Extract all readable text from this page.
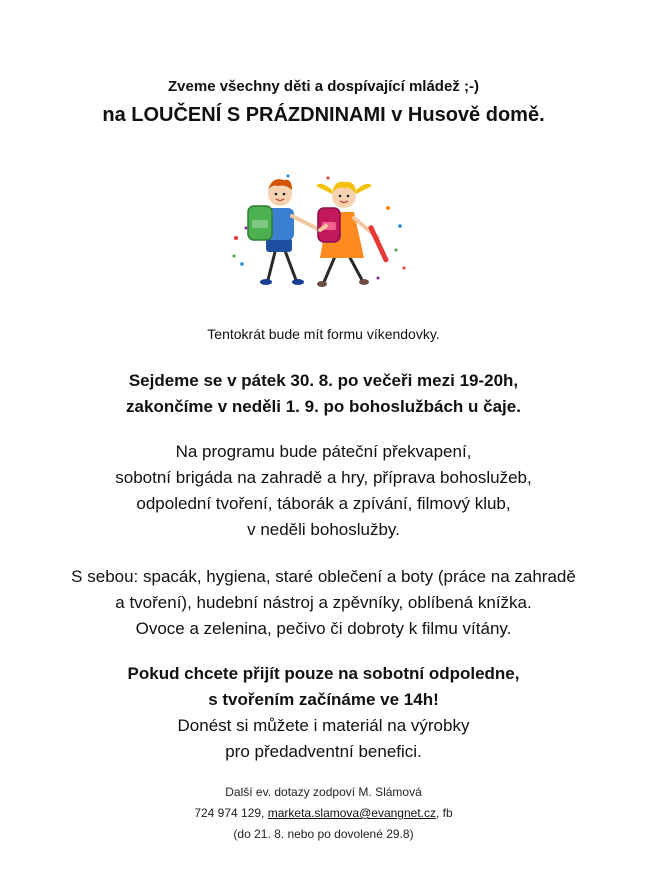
Zveme všechny děti a dospívající mládež ;-)
na LOUČENÍ S PRÁZDNINAMI v Husově domě.
Tentokrát bude mít formu víkendovky.
Sejdeme se v pátek 30. 8. po večeři mezi 19-20h,
zakončíme v neděli 1. 9. po bohoslužbách u čaje.
Na programu bude páteční překvapení,
sobotní brigáda na zahradě a hry, příprava bohoslužeb,
odpolední tvoření, táborák a zpívání, filmový klub,
v neděli bohoslužby.
S sebou: spacák, hygiena, staré oblečení a boty (práce na zahradě
a tvoření), hudební nástroj a zpěvníky, oblíbená knížka.
Ovoce a zelenina, pečivo či dobroty k filmu vítány.
Pokud chcete přijít pouze na sobotní odpoledne,
s tvořením začínáme ve 14h!
Donést si můžete i materiál na výrobky
pro předadventní benefici.
Další ev. dotazy zodpoví M. Slámová
724 974 129, marketa.slamova@evangnet.cz, fb
(do 21. 8. nebo po dovolené 29.8)
